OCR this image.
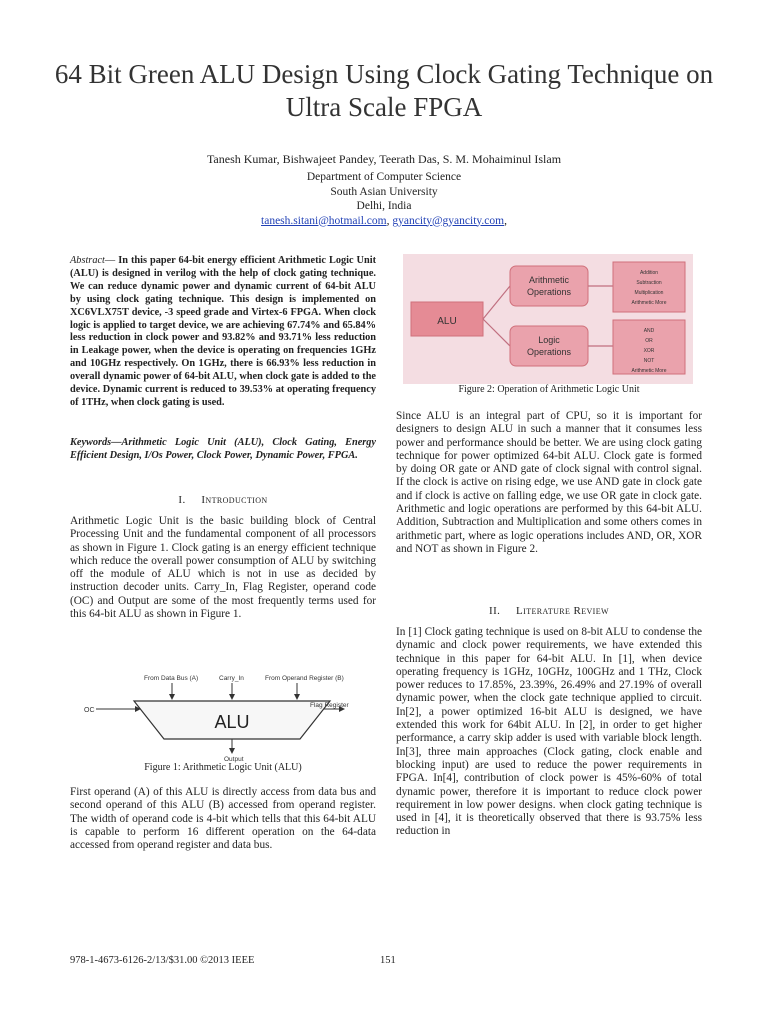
64 Bit Green ALU Design Using Clock Gating Technique on Ultra Scale FPGA
Tanesh Kumar, Bishwajeet Pandey, Teerath Das, S. M. Mohaiminul Islam
Department of Computer Science
South Asian University
Delhi, India
tanesh.sitani@hotmail.com, gyancity@gyancity.com,
Abstract— In this paper 64-bit energy efficient Arithmetic Logic Unit (ALU) is designed in verilog with the help of clock gating technique. We can reduce dynamic power and dynamic current of 64-bit ALU by using clock gating technique. This design is implemented on XC6VLX75T device, -3 speed grade and Virtex-6 FPGA. When clock logic is applied to target device, we are achieving 67.74% and 65.84% less reduction in clock power and 93.82% and 93.71% less reduction in Leakage power, when the device is operating on frequencies 1GHz and 10GHz respectively. On 1GHz, there is 66.93% less reduction in overall dynamic power of 64-bit ALU, when clock gate is added to the device. Dynamic current is reduced to 39.53% at operating frequency of 1THz, when clock gating is used.
Keywords—Arithmetic Logic Unit (ALU), Clock Gating, Energy Efficient Design, I/Os Power, Clock Power, Dynamic Power, FPGA.
I. Introduction
Arithmetic Logic Unit is the basic building block of Central Processing Unit and the fundamental component of all processors as shown in Figure 1. Clock gating is an energy efficient technique which reduce the overall power consumption of ALU by switching off the module of ALU which is not in use as decided by instruction decoder units. Carry_In, Flag Register, operand code (OC) and Output are some of the most frequently terms used for this 64-bit ALU as shown in Figure 1.
From Data Bus (A)	Carry_In	From Operand Register (B)
ALU
OC
Flag Register
Output
Figure 1: Arithmetic Logic Unit (ALU)
First operand (A) of this ALU is directly access from data bus and second operand of this ALU (B) accessed from operand register. The width of operand code is 4-bit which tells that this 64-bit ALU is capable to perform 16 different operation on the 64-data accessed from operand register and data bus.
ALU
Arithmetic Operations
Logic Operations
Addition
Subtraction
Multiplication
Arithmetic More
AND
OR
XOR
NOT
Arithmetic More
Figure 2: Operation of Arithmetic Logic Unit
Since ALU is an integral part of CPU, so it is important for designers to design ALU in such a manner that it consumes less power and performance should be better. We are using clock gating technique for power optimized 64-bit ALU. Clock gate is formed by doing OR gate or AND gate of clock signal with control signal. If the clock is active on rising edge, we use AND gate in clock gate and if clock is active on falling edge, we use OR gate in clock gate. Arithmetic and logic operations are performed by this 64-bit ALU. Addition, Subtraction and Multiplication and some others comes in arithmetic part, where as logic operations includes AND, OR, XOR and NOT as shown in Figure 2.
II. Literature Review
In [1] Clock gating technique is used on 8-bit ALU to condense the dynamic and clock power requirements, we have extended this technique in this paper for 64-bit ALU. In [1], when device operating frequency is 1GHz, 10GHz, 100GHz and 1 THz, Clock power reduces to 17.85%, 23.39%, 26.49% and 27.19% of overall dynamic power, when the clock gate technique applied to circuit. In[2], a power optimized 16-bit ALU is designed, we have extended this work for 64bit ALU. In [2], in order to get higher performance, a carry skip adder is used with variable block length. In[3], three main approaches (Clock gating, clock enable and blocking input) are used to reduce the power requirements in FPGA. In[4], contribution of clock power is 45%-60% of total dynamic power, therefore it is important to reduce clock power requirement in low power designs. when clock gating technique is used in [4], it is theoretically observed that there is 93.75% less reduction in
978-1-4673-6126-2/13/$31.00 ©2013 IEEE	151
